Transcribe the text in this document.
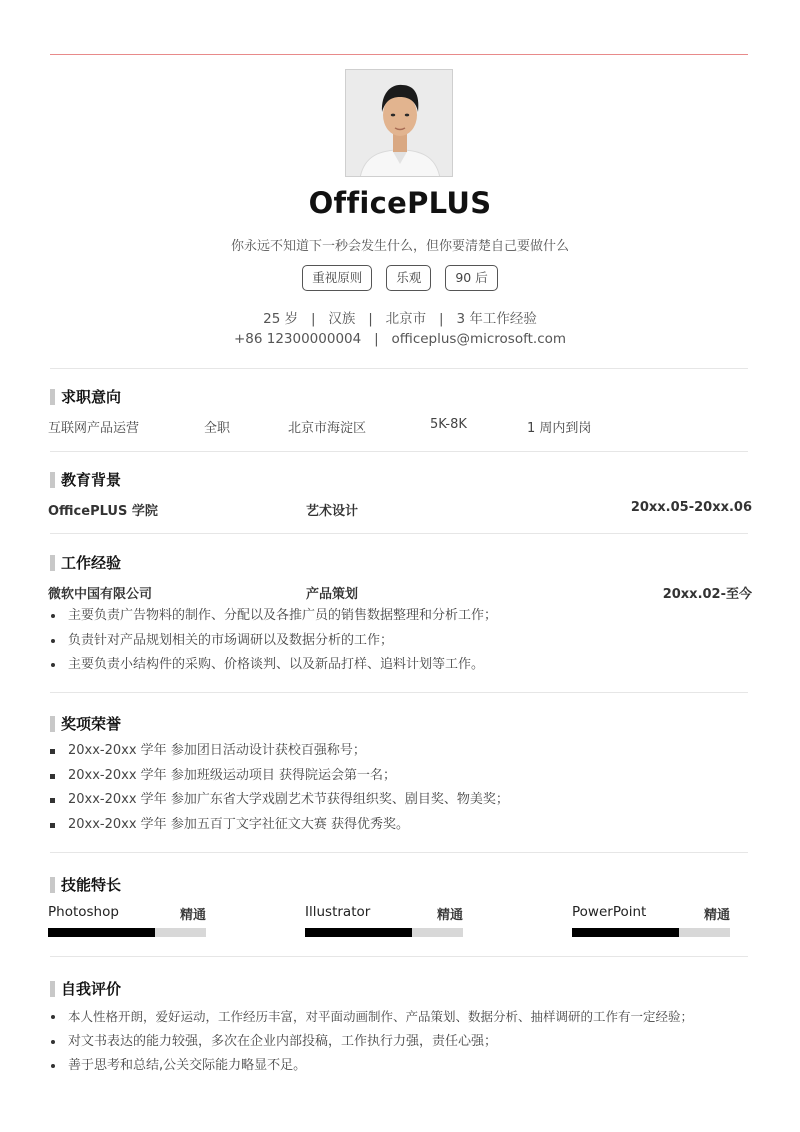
OfficePLUS
你永远不知道下一秒会发生什么，但你要清楚自己要做什么
重视原则	乐观	90 后
25 岁   |   汉族   |   北京市   |   3 年工作经验
+86 12300000004   |   officeplus@microsoft.com
求职意向
互联网产品运营	全职	北京市海淀区	5K-8K	1 周内到岗
教育背景
OfficePLUS 学院	艺术设计	20xx.05-20xx.06
工作经验
微软中国有限公司	产品策划	20xx.02-至今
主要负责广告物料的制作、分配以及各推广员的销售数据整理和分析工作；
负责针对产品规划相关的市场调研以及数据分析的工作；
主要负责小结构件的采购、价格谈判、以及新品打样、追料计划等工作。
奖项荣誉
20xx-20xx 学年 参加团日活动设计获校百强称号；
20xx-20xx 学年 参加班级运动项目 获得院运会第一名；
20xx-20xx 学年 参加广东省大学戏剧艺术节获得组织奖、剧目奖、物美奖；
20xx-20xx 学年 参加五百丁文字社征文大赛 获得优秀奖。
技能特长
Photoshop	精通	Illustrator	精通	PowerPoint	精通
自我评价
本人性格开朗，爱好运动，工作经历丰富，对平面动画制作、产品策划、数据分析、抽样调研的工作有一定经验；
对文书表达的能力较强，多次在企业内部投稿，工作执行力强，责任心强；
善于思考和总结,公关交际能力略显不足。
